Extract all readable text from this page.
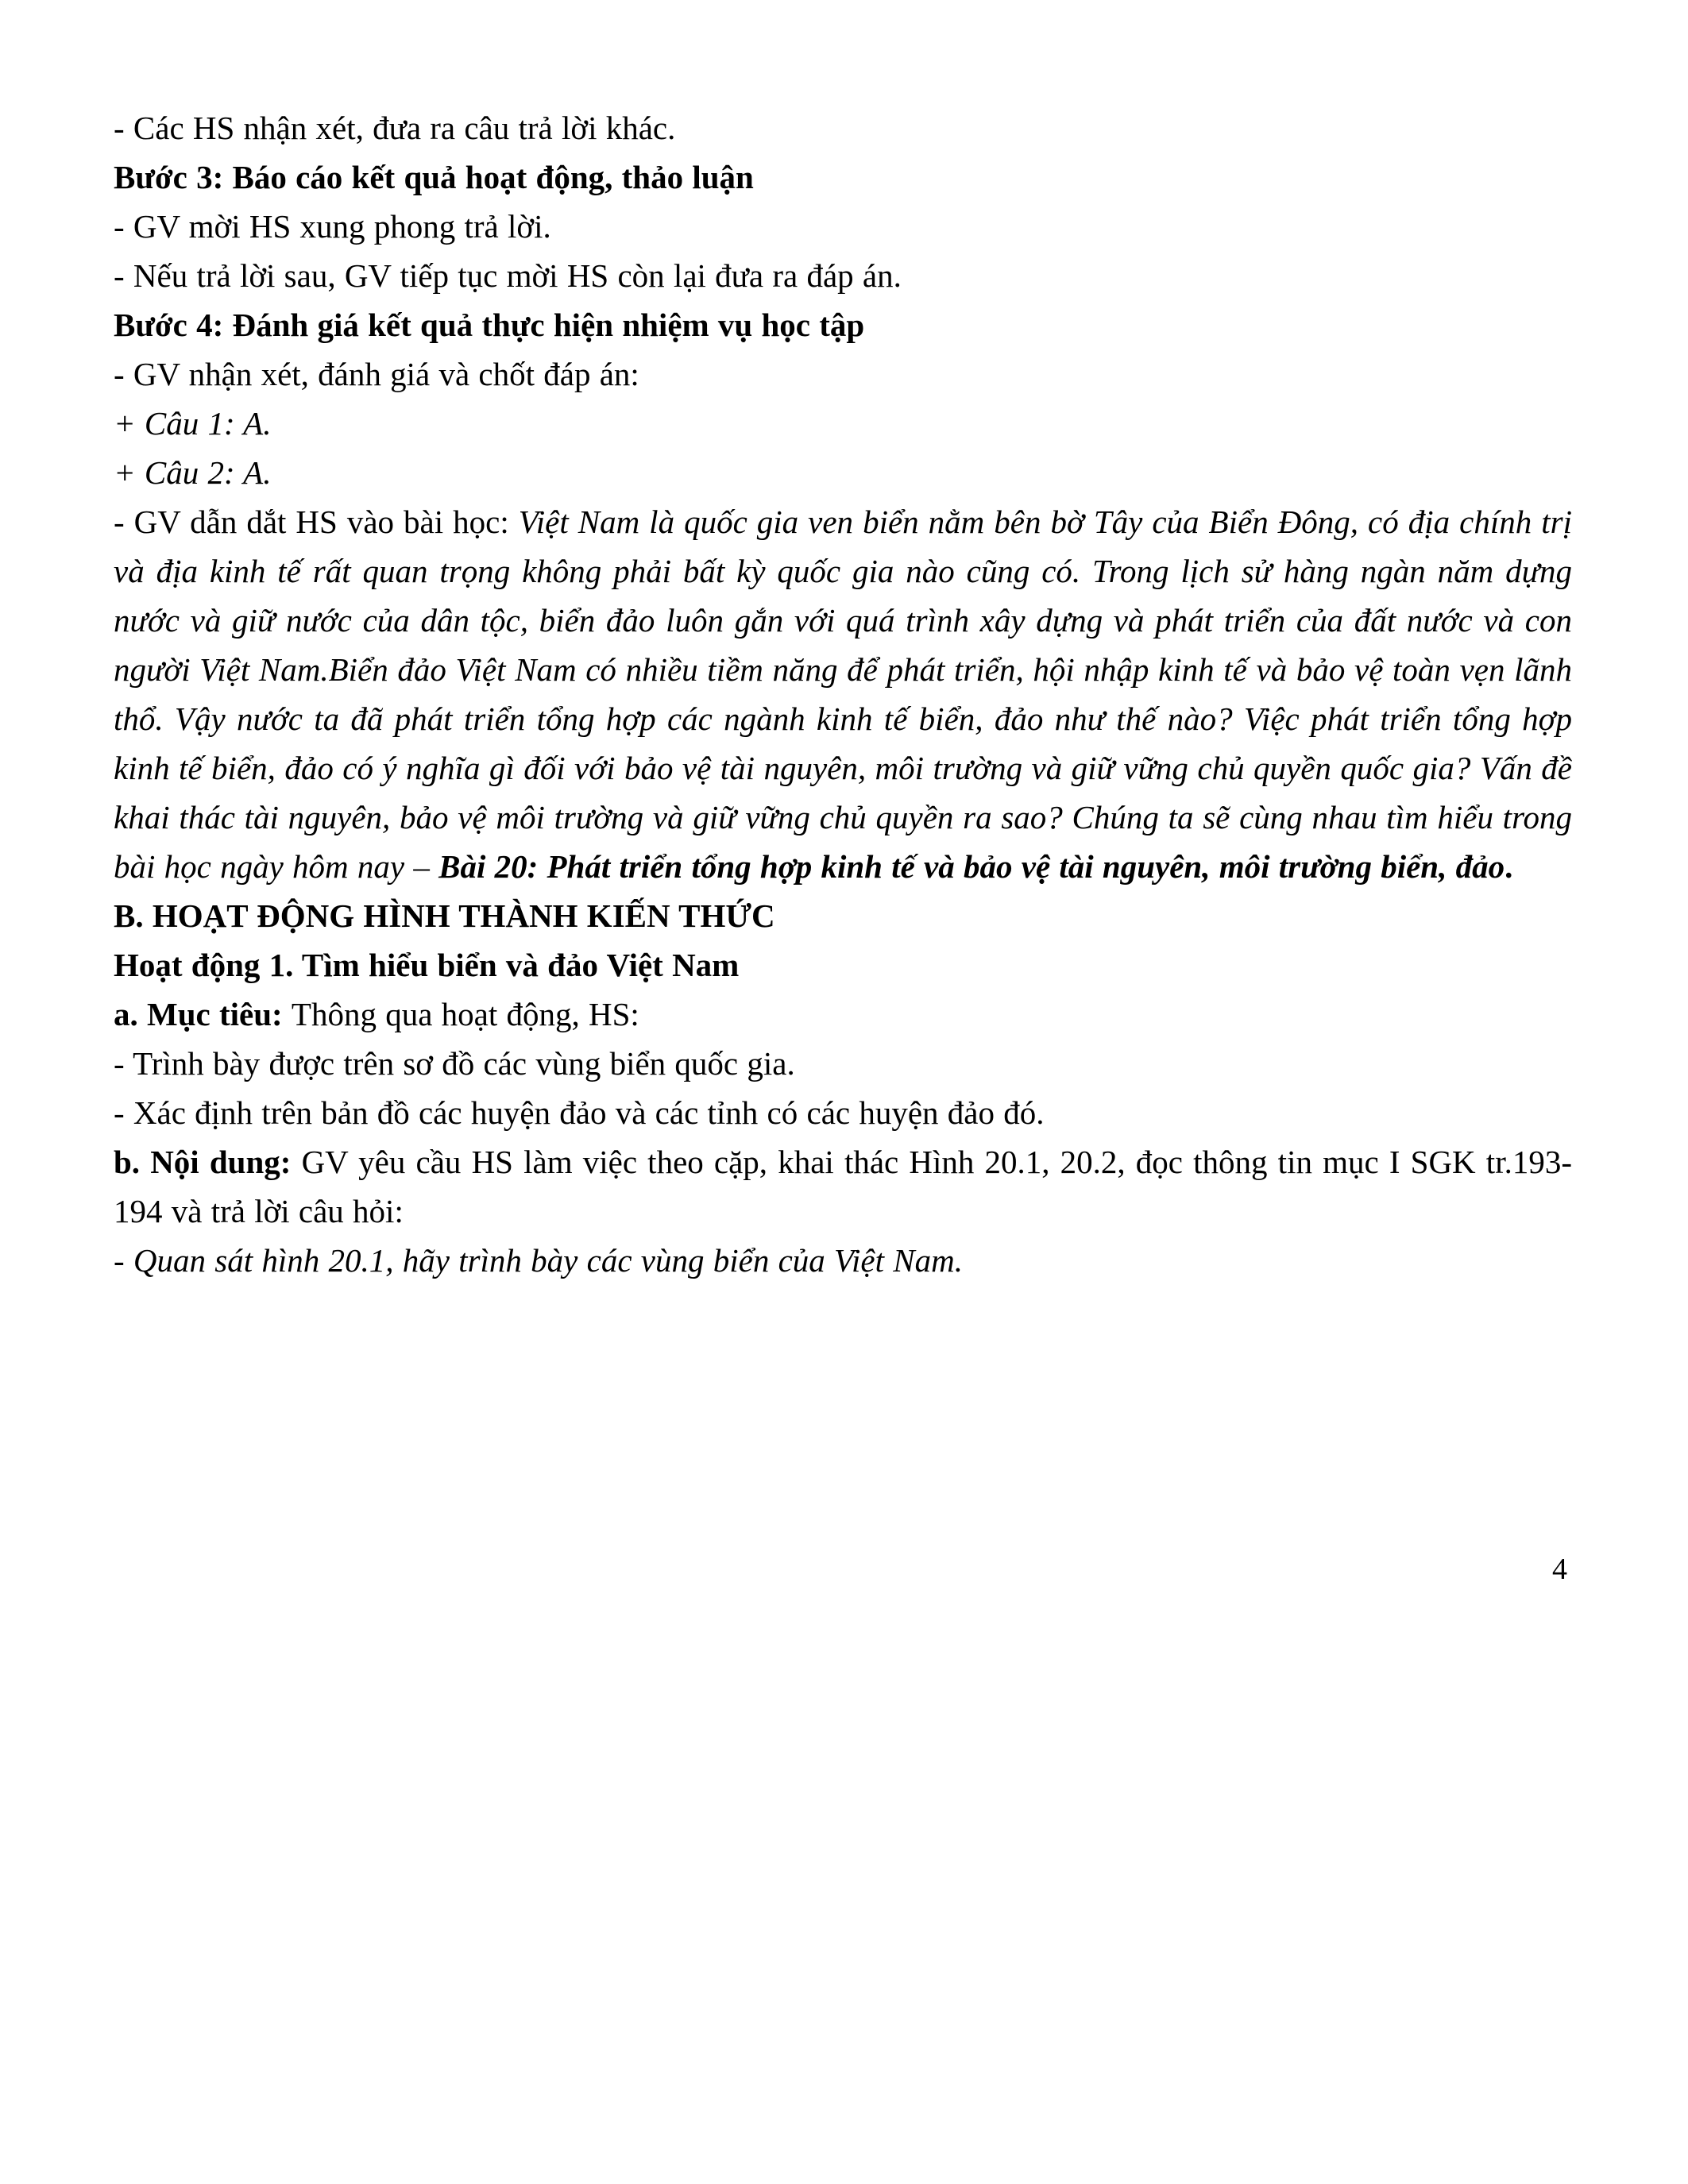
- Các HS nhận xét, đưa ra câu trả lời khác.

Bước 3: Báo cáo kết quả hoạt động, thảo luận

- GV mời HS xung phong trả lời.

- Nếu trả lời sau, GV tiếp tục mời HS còn lại đưa ra đáp án.

Bước 4: Đánh giá kết quả thực hiện nhiệm vụ học tập

- GV nhận xét, đánh giá và chốt đáp án:

+ Câu 1: A.

+ Câu 2: A.

- GV dẫn dắt HS vào bài học: Việt Nam là quốc gia ven biển nằm bên bờ Tây của Biển Đông, có địa chính trị và địa kinh tế rất quan trọng không phải bất kỳ quốc gia nào cũng có. Trong lịch sử hàng ngàn năm dựng nước và giữ nước của dân tộc, biển đảo luôn gắn với quá trình xây dựng và phát triển của đất nước và con người Việt Nam.Biển đảo Việt Nam có nhiều tiềm năng để phát triển, hội nhập kinh tế và bảo vệ toàn vẹn lãnh thổ. Vậy nước ta đã phát triển tổng hợp các ngành kinh tế biển, đảo như thế nào? Việc phát triển tổng hợp kinh tế biển, đảo có ý nghĩa gì đối với bảo vệ tài nguyên, môi trường và giữ vững chủ quyền quốc gia? Vấn đề khai thác tài nguyên, bảo vệ môi trường và giữ vững chủ quyền ra sao? Chúng ta sẽ cùng nhau tìm hiểu trong bài học ngày hôm nay – Bài 20: Phát triển tổng hợp kinh tế và bảo vệ tài nguyên, môi trường biển, đảo.

B. HOẠT ĐỘNG HÌNH THÀNH KIẾN THỨC

Hoạt động 1. Tìm hiểu biển và đảo Việt Nam

a. Mục tiêu: Thông qua hoạt động, HS:

- Trình bày được trên sơ đồ các vùng biển quốc gia.

- Xác định trên bản đồ các huyện đảo và các tỉnh có các huyện đảo đó.

b. Nội dung: GV yêu cầu HS làm việc theo cặp, khai thác Hình 20.1, 20.2, đọc thông tin mục I SGK tr.193-194 và trả lời câu hỏi:

- Quan sát hình 20.1, hãy trình bày các vùng biển của Việt Nam.

4
